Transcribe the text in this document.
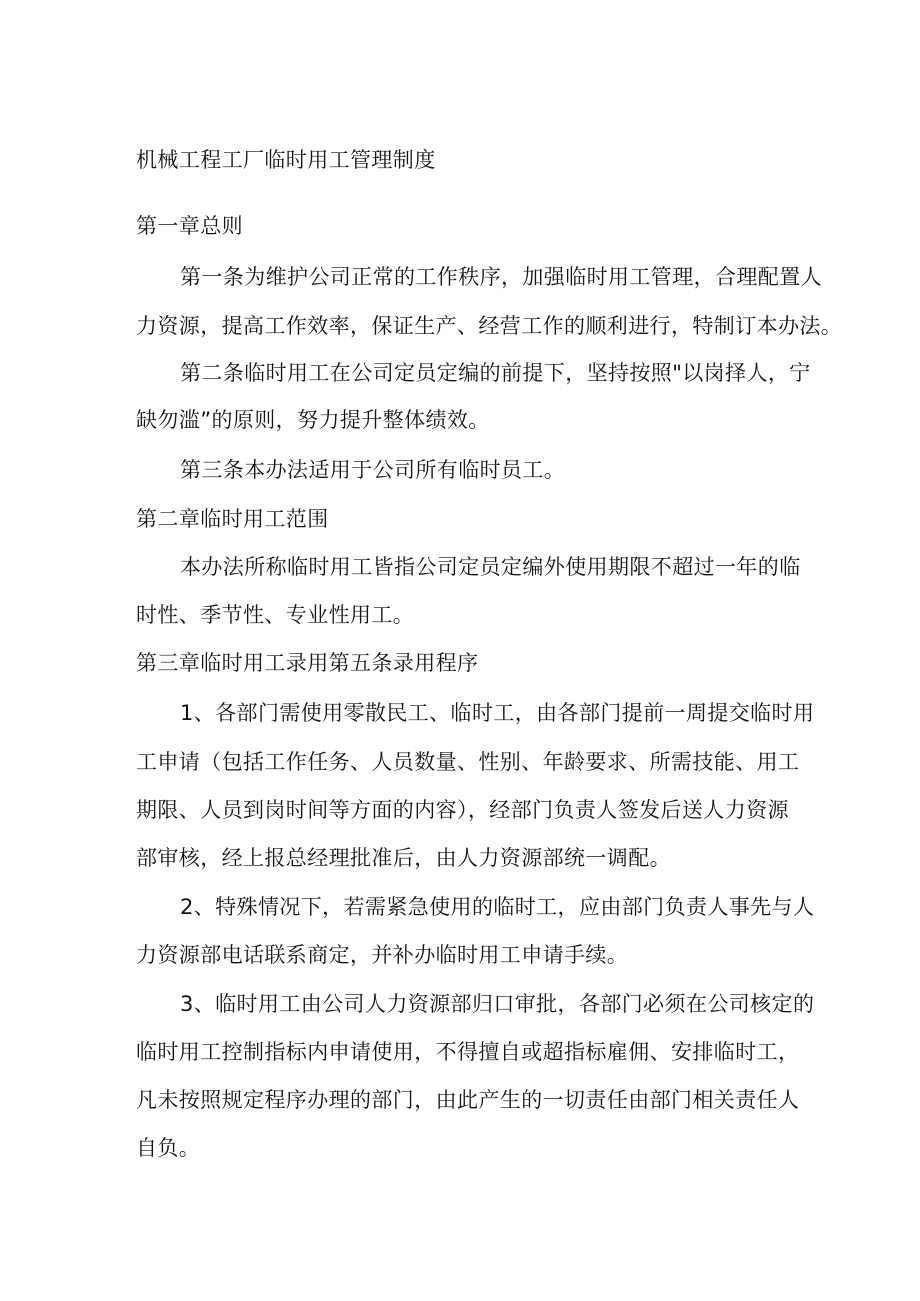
机械工程工厂临时用工管理制度
第一章总则
第一条为维护公司正常的工作秩序，加强临时用工管理，合理配置人
力资源，提高工作效率，保证生产、经营工作的顺利进行，特制订本办法。
第二条临时用工在公司定员定编的前提下，坚持按照"以岗择人，宁
缺勿滥”的原则，努力提升整体绩效。
第三条本办法适用于公司所有临时员工。
第二章临时用工范围
本办法所称临时用工皆指公司定员定编外使用期限不超过一年的临
时性、季节性、专业性用工。
第三章临时用工录用第五条录用程序
1、各部门需使用零散民工、临时工，由各部门提前一周提交临时用
工申请（包括工作任务、人员数量、性别、年龄要求、所需技能、用工
期限、人员到岗时间等方面的内容），经部门负责人签发后送人力资源
部审核，经上报总经理批准后，由人力资源部统一调配。
2、特殊情况下，若需紧急使用的临时工，应由部门负责人事先与人
力资源部电话联系商定，并补办临时用工申请手续。
3、临时用工由公司人力资源部归口审批，各部门必须在公司核定的
临时用工控制指标内申请使用，不得擅自或超指标雇佣、安排临时工，
凡未按照规定程序办理的部门，由此产生的一切责任由部门相关责任人
自负。
